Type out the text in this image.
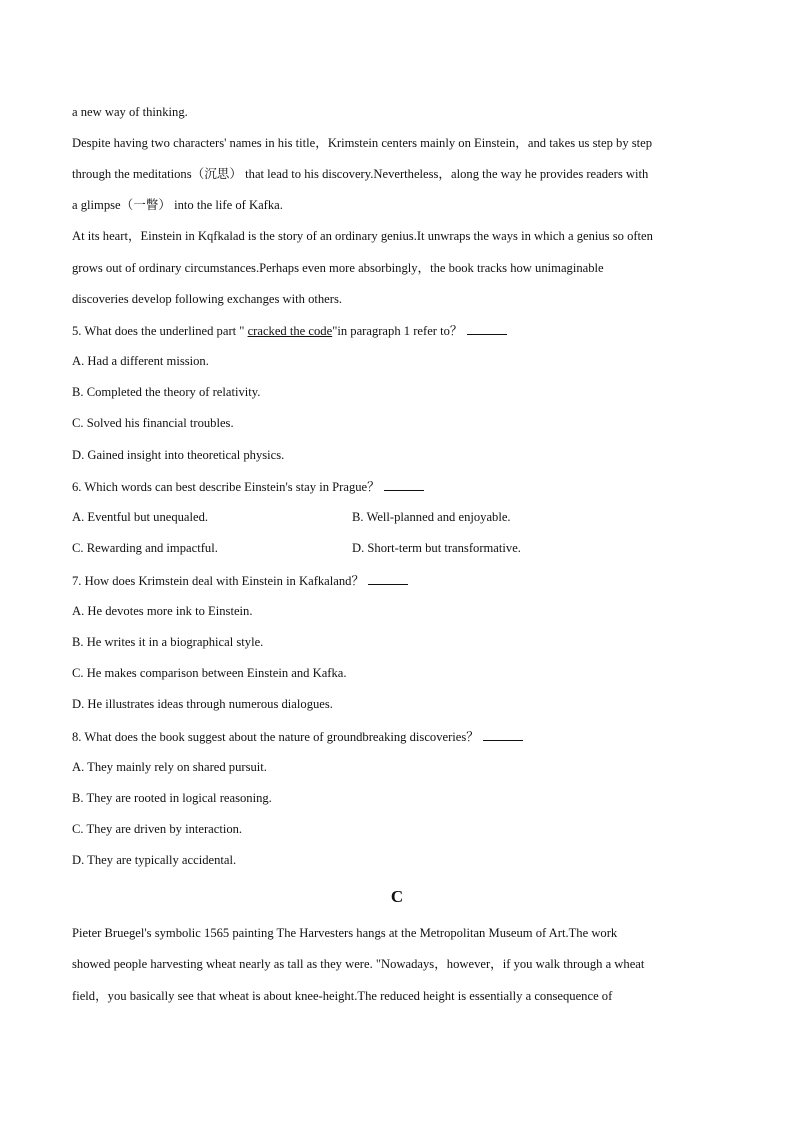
a new way of thinking.
Despite having two characters' names in his title，Krimstein centers mainly on Einstein，and takes us step by step
through the meditations（沉思） that lead to his discovery.Nevertheless，along the way he provides readers with
a glimpse（一瞥） into the life of Kafka.
At its heart，Einstein in Kqfkalad is the story of an ordinary genius.It unwraps the ways in which a genius so often
grows out of ordinary circumstances.Perhaps even more absorbingly，the book tracks how unimaginable
discoveries develop following exchanges with others.
5. What does the underlined part " cracked the code"in paragraph 1 refer to？
A. Had a different mission.
B. Completed the theory of relativity.
C. Solved his financial troubles.
D. Gained insight into theoretical physics.
6. Which words can best describe Einstein's stay in Prague？
A. Eventful but unequaled.	B. Well-planned and enjoyable.
C. Rewarding and impactful.	D. Short-term but transformative.
7. How does Krimstein deal with Einstein in Kafkaland？
A. He devotes more ink to Einstein.
B. He writes it in a biographical style.
C. He makes comparison between Einstein and Kafka.
D. He illustrates ideas through numerous dialogues.
8. What does the book suggest about the nature of groundbreaking discoveries？
A. They mainly rely on shared pursuit.
B. They are rooted in logical reasoning.
C. They are driven by interaction.
D. They are typically accidental.
C
Pieter Bruegel's symbolic 1565 painting The Harvesters hangs at the Metropolitan Museum of Art.The work
showed people harvesting wheat nearly as tall as they were. "Nowadays，however，if you walk through a wheat
field，you basically see that wheat is about knee-height.The reduced height is essentially a consequence of
